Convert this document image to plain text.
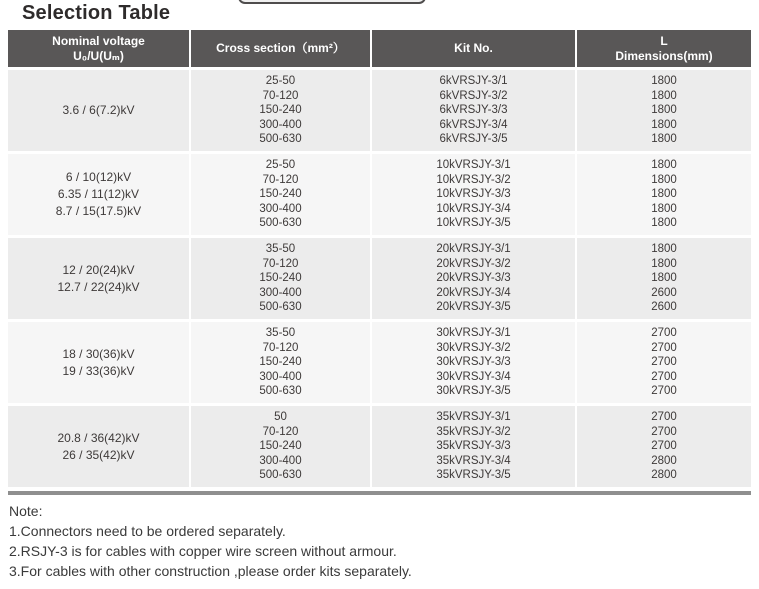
Selection Table
Nominal voltage
U₀/U(Uₘ)
Cross section（mm²）	Kit No.
L
Dimensions(mm)
3.6 / 6(7.2)kV
25-50
70-120
150-240
300-400
500-630
6kVRSJY-3/1
6kVRSJY-3/2
6kVRSJY-3/3
6kVRSJY-3/4
6kVRSJY-3/5
1800
1800
1800
1800
1800
6 / 10(12)kV
6.35 / 11(12)kV
8.7 / 15(17.5)kV
25-50
70-120
150-240
300-400
500-630
10kVRSJY-3/1
10kVRSJY-3/2
10kVRSJY-3/3
10kVRSJY-3/4
10kVRSJY-3/5
1800
1800
1800
1800
1800
12 / 20(24)kV
12.7 / 22(24)kV
35-50
70-120
150-240
300-400
500-630
20kVRSJY-3/1
20kVRSJY-3/2
20kVRSJY-3/3
20kVRSJY-3/4
20kVRSJY-3/5
1800
1800
1800
2600
2600
18 / 30(36)kV
19 / 33(36)kV
35-50
70-120
150-240
300-400
500-630
30kVRSJY-3/1
30kVRSJY-3/2
30kVRSJY-3/3
30kVRSJY-3/4
30kVRSJY-3/5
2700
2700
2700
2700
2700
20.8 / 36(42)kV
26 / 35(42)kV
50
70-120
150-240
300-400
500-630
35kVRSJY-3/1
35kVRSJY-3/2
35kVRSJY-3/3
35kVRSJY-3/4
35kVRSJY-3/5
2700
2700
2700
2800
2800
Note:
1.Connectors need to be ordered separately.
2.RSJY-3 is for cables with copper wire screen without armour.
3.For cables with other construction ,please order kits separately.
